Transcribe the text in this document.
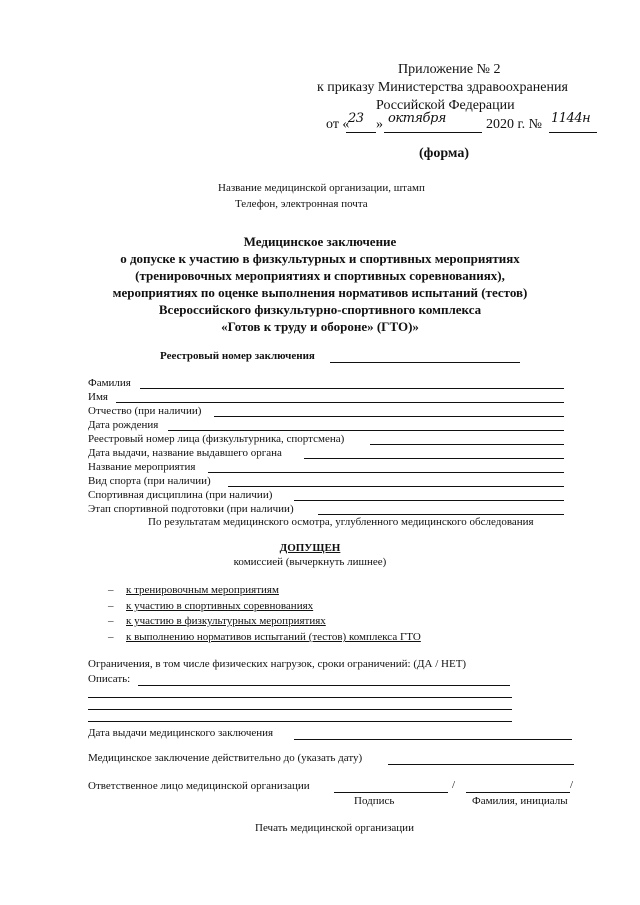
Приложение № 2
к приказу Министерства здравоохранения
Российской Федерации
от «
23 » октября	2020 г. № 1144н
(форма)
Название медицинской организации, штамп
Телефон, электронная почта
Медицинское заключение
о допуске к участию в физкультурных и спортивных мероприятиях
(тренировочных мероприятиях и спортивных соревнованиях),
мероприятиях по оценке выполнения нормативов испытаний (тестов)
Всероссийского физкультурно-спортивного комплекса
«Готов к труду и обороне» (ГТО)»
Реестровый номер заключения
Фамилия
Имя
Отчество (при наличии)
Дата рождения
Реестровый номер лица (физкультурника, спортсмена)
Дата выдачи, название выдавшего органа
Название мероприятия
Вид спорта (при наличии)
Спортивная дисциплина (при наличии)
Этап спортивной подготовки (при наличии)
По результатам медицинского осмотра, углубленного медицинского обследования
ДОПУЩЕН
комиссией (вычеркнуть лишнее)
– к тренировочным мероприятиям
– к участию в спортивных соревнованиях
– к участию в физкультурных мероприятиях
– к выполнению нормативов испытаний (тестов) комплекса ГТО
Ограничения, в том числе физических нагрузок, сроки ограничений: (ДА / НЕТ)
Описать:
Дата выдачи медицинского заключения
Медицинское заключение действительно до (указать дату)
Ответственное лицо медицинской организации	/	/
Подпись	Фамилия, инициалы
Печать медицинской организации
